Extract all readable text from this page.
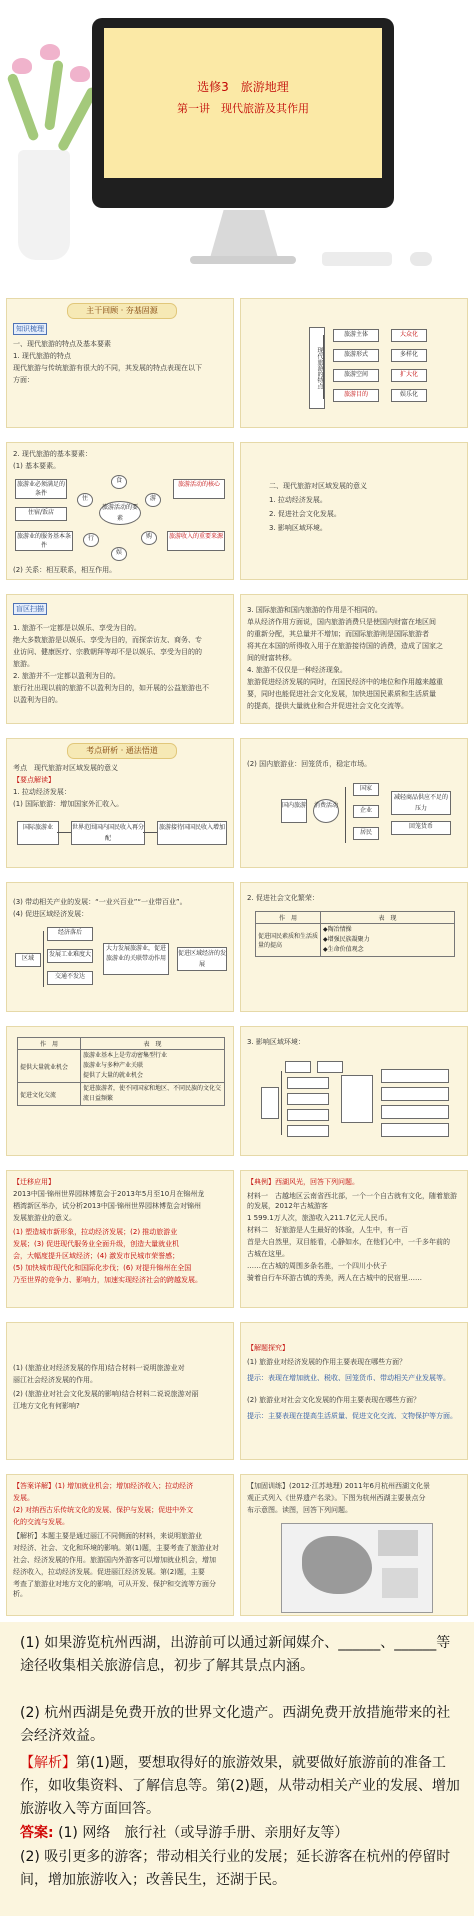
选修3　旅游地理
第一讲　现代旅游及其作用
主干回顾 · 夯基固源
知识梳理
一、现代旅游的特点及基本要素
1. 现代旅游的特点
现代旅游与传统旅游有很大的不同，其发展的特点表现在以下
方面：	现代旅游的特点
旅游主体	大众化
旅游形式	多样化
旅游空间	扩大化
旅游目的	娱乐化
2. 现代旅游的基本要素：
(1) 基本要素。
旅游活动的要素
食
住
行
游
购
娱
旅游业必须满足的条件
旅游活动的核心
住宿/饭店
旅游业的服务基本条件
旅游收入的重要来源
(2) 关系：相互联系，相互作用。
二、现代旅游对区域发展的意义
1. 拉动经济发展。
2. 促进社会文化发展。
3. 影响区域环境。
盲区扫描
1. 旅游不一定都是以娱乐、享受为目的。
绝大多数旅游是以娱乐、享受为目的，而探亲访友、商务、专
业访问、健康医疗、宗教朝拜等却不是以娱乐、享受为目的的
旅游。
2. 旅游并不一定都以盈利为目的。
旅行社出现以前的旅游不以盈利为目的，如开展的公益旅游也不
以盈利为目的。
3. 国际旅游和国内旅游的作用是不相同的。
单从经济作用方面说，国内旅游消费只是使国内财富在地区间
的重新分配，其总量并不增加；而国际旅游则是国际旅游者
将其在本国的所得收入用于在旅游接待国的消费，造成了国家之
间的财富转移。
4. 旅游不仅仅是一种经济现象。
旅游促进经济发展的同时，在国民经济中的地位和作用越来越重
要，同时也能促进社会文化发展，加快进国民素质和生活质量
的提高，提供大量就业和合并促进社会文化交流等。
考点研析 · 通法悟道
考点　现代旅游对区域发展的意义
【要点解读】
1. 拉动经济发展：
(1) 国际旅游：增加国家外汇收入。
国际旅游业	世界范围国内国民收入再分配
旅游接待国国民收入增加
(2) 国内旅游业：回笼货币，稳定市场。
国内旅游 消费活动
国家
企业
居民
减轻商品供应不足的压力
回笼货币
(3) 带动相关产业的发展：“一业兴百业”“一业带百业”。
(4) 促进区域经济发展：
区域
经济落后
发展工业难度大
交通不发达
大力发展旅游业，促进旅游业的关联带动作用
促进区域经济的发展
2. 促进社会文化繁荣：
作　用	表　现
促进国民素质和生活质量的提高	◆陶冶情操
◆增强民族凝聚力
◆生命价值观念
作　用	表　现
提供大量就业机会	旅游业基本上是劳动密集型行业
旅游业与多种产业关联
提供了大量的就业机会
促进文化交流	促进旅游者，使不同国家和地区、不同民族的文化交流日益频繁
3. 影响区域环境：
【迁移应用】
2013中国·锦州世界园林博览会于2013年5月至10月在锦州龙
栖湾新区举办，试分析2013中国·锦州世界园林博览会对锦州
发展旅游业的意义。
(1) 塑造城市新形象，拉动经济发展；(2) 推动旅游业
发展；(3) 促进现代服务业全面升级，创造大量就业机
会，大幅度提升区域经济；(4) 激发市民城市荣誉感；
(5) 加快城市现代化和国际化步伐；(6) 对提升锦州在全国
乃至世界的竞争力、影响力，加速实现经济社会的跨越发展。
【典例】西湖风光，回答下列问题。
材料一　古越地区云南省西北部，一个一个自古就有文化，随着旅游的发展，2012年古城游客
1 599.1万人次，旅游收入211.7亿元人民币。
材料二　好旅游是人生最好的体验，人生中，有一百
首是大自然里，双目能看，心静如水，在他们心中，一千多年前的
古城在这里。
……在古城的周围多条名胜，一个四川小伙子
骑着自行车环游古镇的秀美，两人在古城中的民宿里……
(1) (旅游业对经济发展的作用)结合材料一说明旅游业对
丽江社会经济发展的作用。
(2) (旅游业对社会文化发展的影响)结合材料二说说旅游对丽
江地方文化有何影响?
【解题探究】
(1) 旅游业对经济发展的作用主要表现在哪些方面？
提示：表现在增加就业、税收、回笼货币、带动相关产业发展等。
(2) 旅游业对社会文化发展的作用主要表现在哪些方面？
提示：主要表现在提高生活质量、促进文化交流、文物保护等方面。
【答案详解】(1) 增加就业机会；增加经济收入；拉动经济
发展。
(2) 对纳西古乐传统文化的发展、保护与发展；促进中外文
化的交流与发展。
【解析】本题主要是通过丽江不同侧面的材料，来说明旅游业
对经济、社会、文化和环境的影响。第(1)题，主要考查了旅游业对
社会、经济发展的作用。旅游国内外游客可以增加就业机会，增加
经济收入，拉动经济发展。促进丽江经济发展。第(2)题，主要
考查了旅游业对地方文化的影响，可从开发、保护和交流等方面分析。
【加固训练】(2012·江苏地理) 2011年6月杭州西湖文化景
观正式列入《世界遗产名录》。下图为杭州西湖主要景点分
布示意图。读图，回答下列问题。
(1) 如果游览杭州西湖，出游前可以通过新闻媒介、______、______等途径收集相关旅游信息，初步了解其景点内涵。
(2) 杭州西湖是免费开放的世界文化遗产。西湖免费开放措施带来的社会经济效益。
【解析】第(1)题，要想取得好的旅游效果，就要做好旅游前的准备工作，如收集资料、了解信息等。第(2)题，从带动相关产业的发展、增加旅游收入等方面回答。
答案: (1) 网络　旅行社（或导游手册、亲朋好友等）
(2) 吸引更多的游客；带动相关行业的发展；延长游客在杭州的停留时间，增加旅游收入；改善民生，还湖于民。
